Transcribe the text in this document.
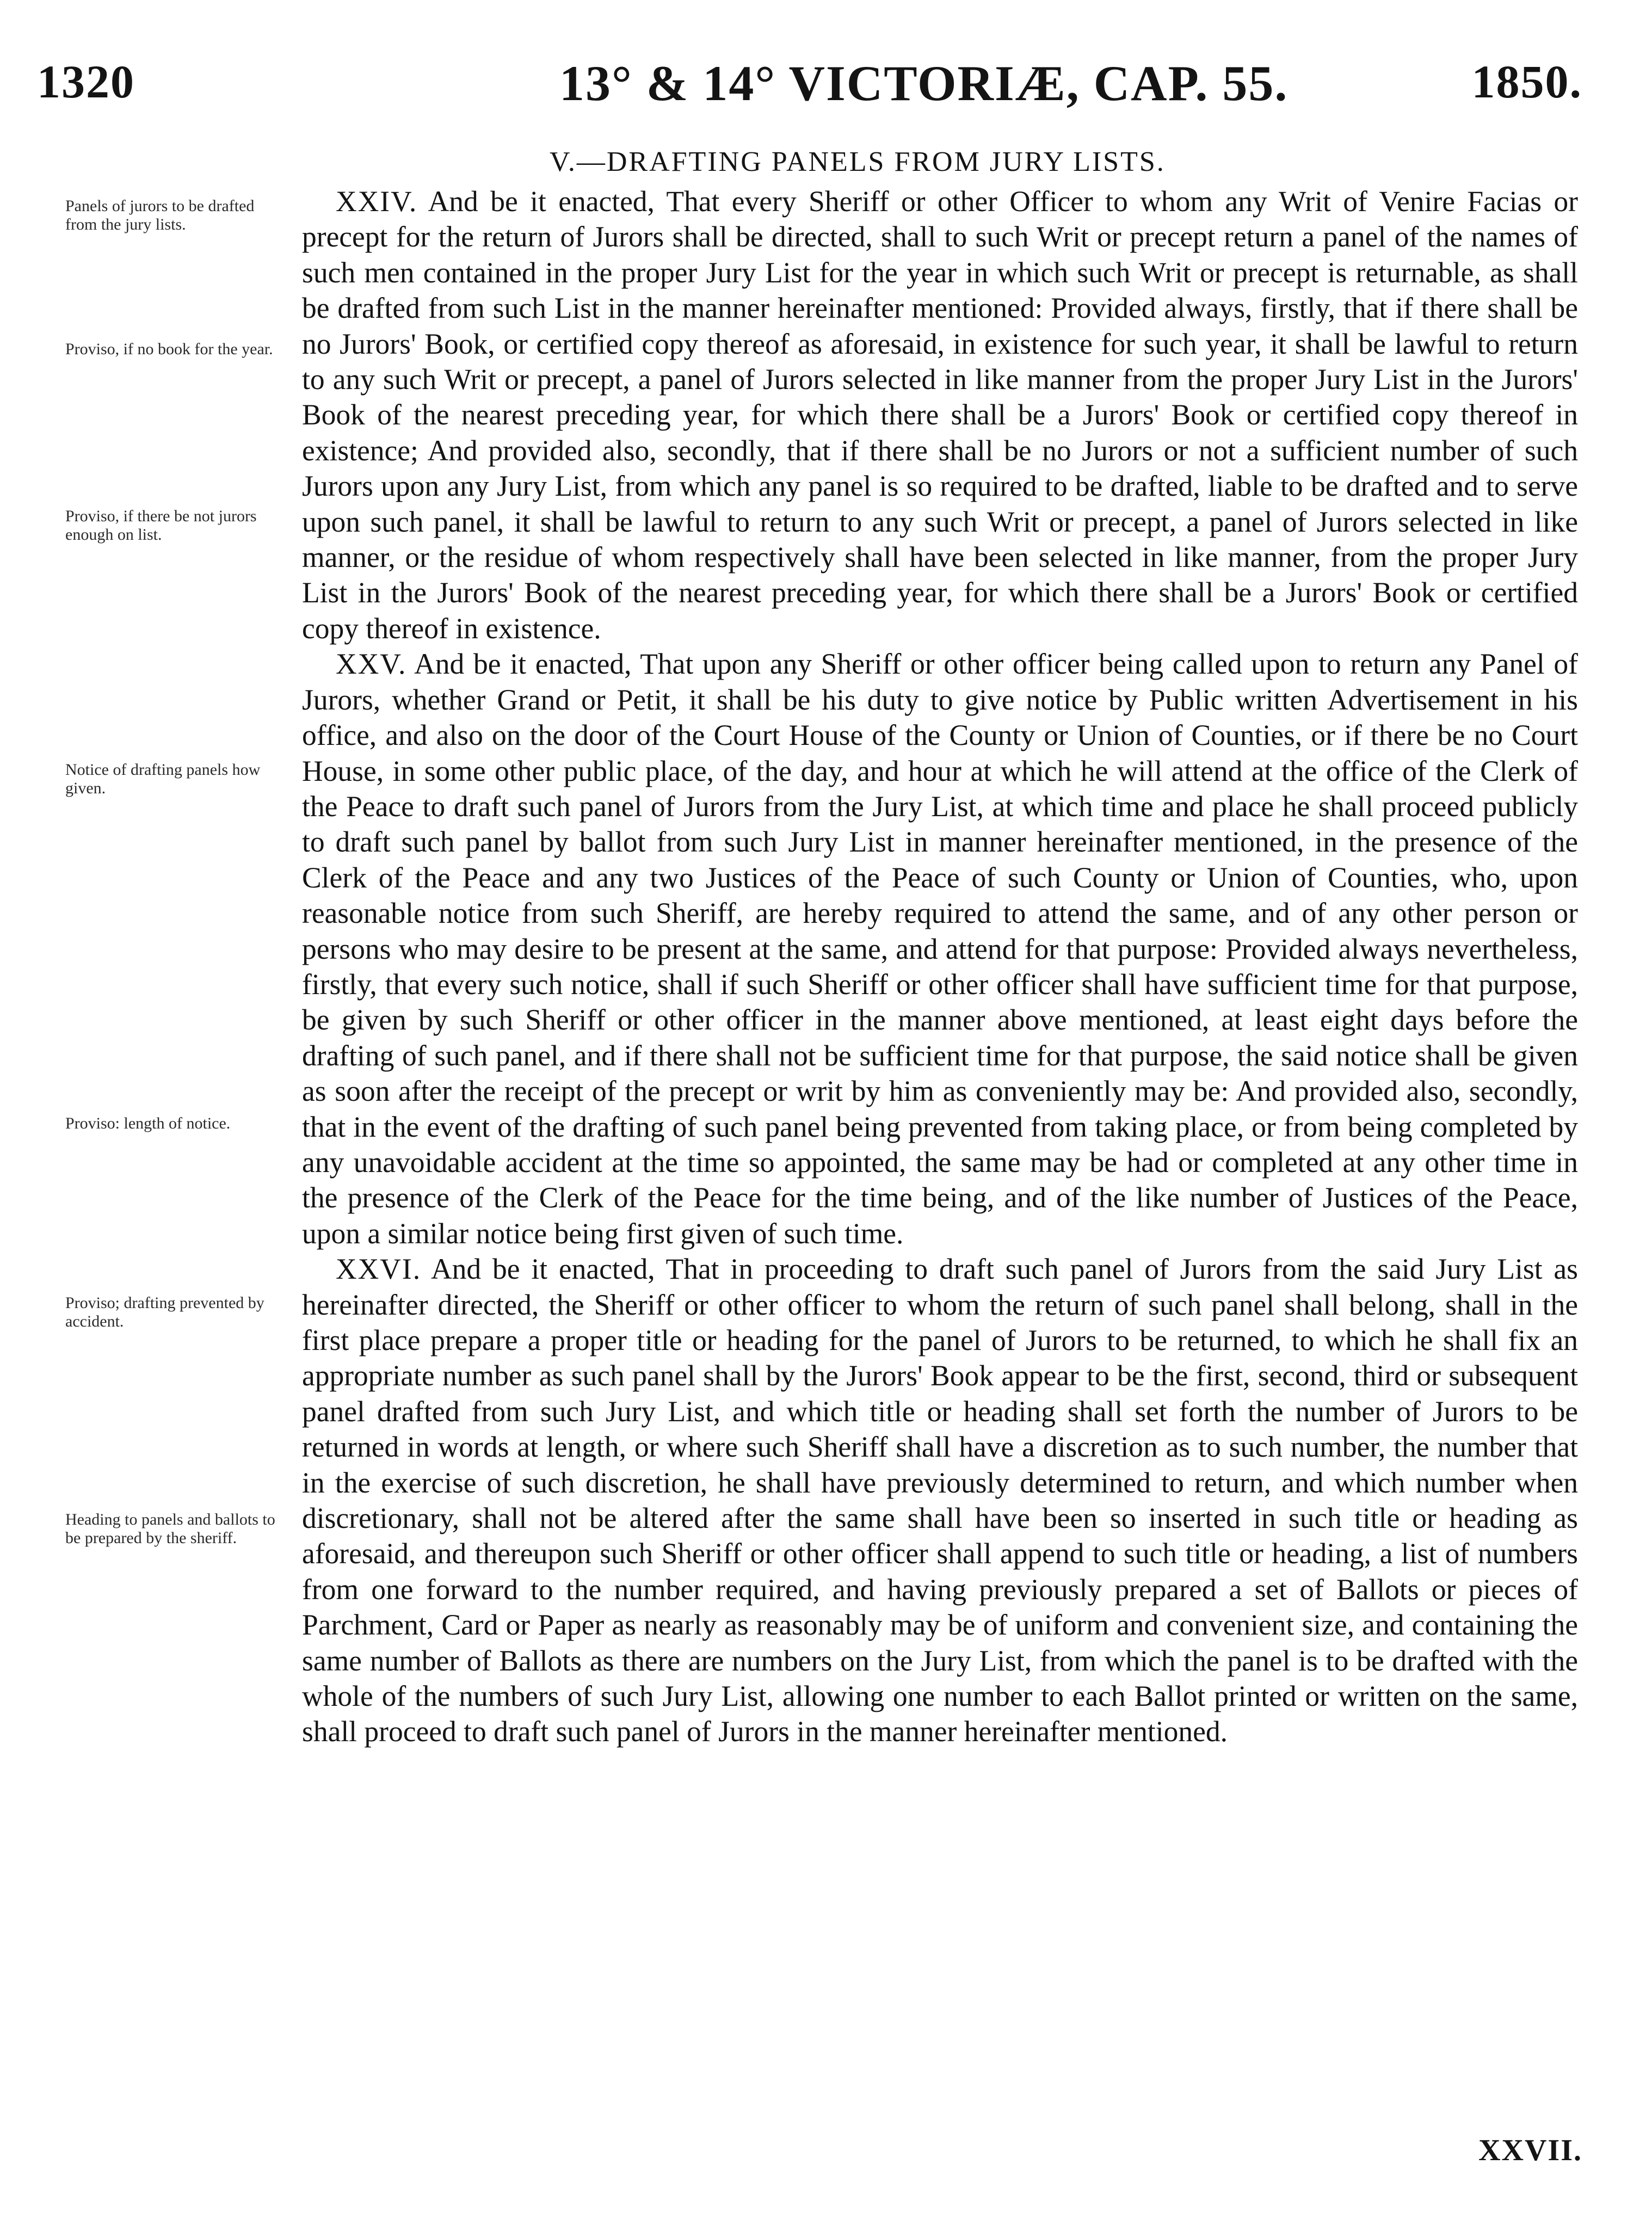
1320	13° & 14° VICTORIÆ, CAP. 55.	1850.
V.—DRAFTING PANELS FROM JURY LISTS.
Panels of jurors to be drafted from the jury lists.
Proviso, if no book for the year.
Proviso, if there be not jurors enough on list.
Notice of drafting panels how given.
Proviso: length of notice.
Proviso; drafting prevented by accident.
Heading to panels and ballots to be prepared by the sheriff.

XXIV. And be it enacted, That every Sheriff or other Officer to whom any Writ of Venire Facias or precept for the return of Jurors shall be directed, shall to such Writ or precept return a panel of the names of such men contained in the proper Jury List for the year in which such Writ or precept is returnable, as shall be drafted from such List in the manner hereinafter mentioned: Provided always, firstly, that if there shall be no Jurors' Book, or certified copy thereof as aforesaid, in existence for such year, it shall be lawful to return to any such Writ or precept, a panel of Jurors selected in like manner from the proper Jury List in the Jurors' Book of the nearest preceding year, for which there shall be a Jurors' Book or certified copy thereof in existence; And provided also, secondly, that if there shall be no Jurors or not a sufficient number of such Jurors upon any Jury List, from which any panel is so required to be drafted, liable to be drafted and to serve upon such panel, it shall be lawful to return to any such Writ or precept, a panel of Jurors selected in like manner, or the residue of whom respectively shall have been selected in like manner, from the proper Jury List in the Jurors' Book of the nearest preceding year, for which there shall be a Jurors' Book or certified copy thereof in existence.

XXV. And be it enacted, That upon any Sheriff or other officer being called upon to return any Panel of Jurors, whether Grand or Petit, it shall be his duty to give notice by Public written Advertisement in his office, and also on the door of the Court House of the County or Union of Counties, or if there be no Court House, in some other public place, of the day, and hour at which he will attend at the office of the Clerk of the Peace to draft such panel of Jurors from the Jury List, at which time and place he shall proceed publicly to draft such panel by ballot from such Jury List in manner hereinafter mentioned, in the presence of the Clerk of the Peace and any two Justices of the Peace of such County or Union of Counties, who, upon reasonable notice from such Sheriff, are hereby required to attend the same, and of any other person or persons who may desire to be present at the same, and attend for that purpose: Provided always nevertheless, firstly, that every such notice, shall if such Sheriff or other officer shall have sufficient time for that purpose, be given by such Sheriff or other officer in the manner above mentioned, at least eight days before the drafting of such panel, and if there shall not be sufficient time for that purpose, the said notice shall be given as soon after the receipt of the precept or writ by him as conveniently may be: And provided also, secondly, that in the event of the drafting of such panel being prevented from taking place, or from being completed by any unavoidable accident at the time so appointed, the same may be had or completed at any other time in the presence of the Clerk of the Peace for the time being, and of the like number of Justices of the Peace, upon a similar notice being first given of such time.

XXVI. And be it enacted, That in proceeding to draft such panel of Jurors from the said Jury List as hereinafter directed, the Sheriff or other officer to whom the return of such panel shall belong, shall in the first place prepare a proper title or heading for the panel of Jurors to be returned, to which he shall fix an appropriate number as such panel shall by the Jurors' Book appear to be the first, second, third or subsequent panel drafted from such Jury List, and which title or heading shall set forth the number of Jurors to be returned in words at length, or where such Sheriff shall have a discretion as to such number, the number that in the exercise of such discretion, he shall have previously determined to return, and which number when discretionary, shall not be altered after the same shall have been so inserted in such title or heading as aforesaid, and thereupon such Sheriff or other officer shall append to such title or heading, a list of numbers from one forward to the number required, and having previously prepared a set of Ballots or pieces of Parchment, Card or Paper as nearly as reasonably may be of uniform and convenient size, and containing the same number of Ballots as there are numbers on the Jury List, from which the panel is to be drafted with the whole of the numbers of such Jury List, allowing one number to each Ballot printed or written on the same, shall proceed to draft such panel of Jurors in the manner hereinafter mentioned.

XXVII.
